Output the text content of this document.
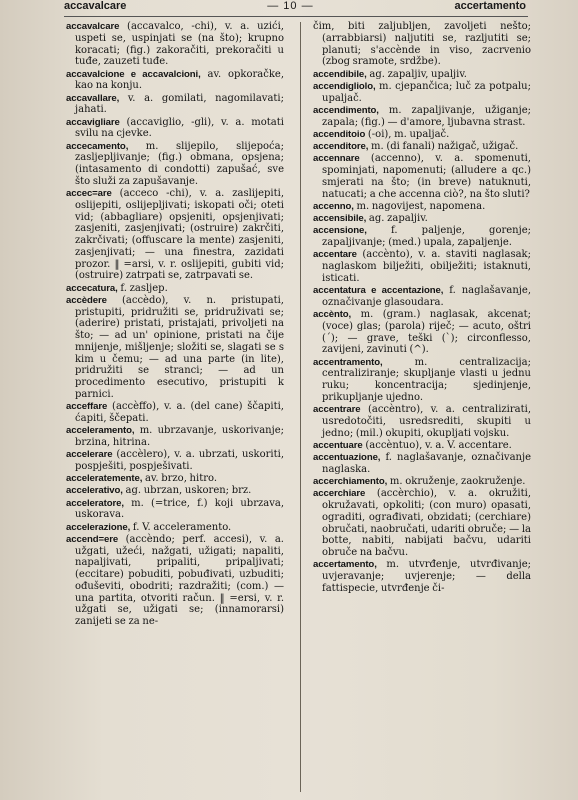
accavalcare	— 10 —	accertamento

accavalcare (accavalco, -chi), v. a. uzići, uspeti se, uspinjati se (na što); krupno koracati; (fig.) zakoračiti, prekoračiti u tuđe, zauzeti tuđe.

accavalcione e accavalcioni, av. opkoračke, kao na konju.

accavallare, v. a. gomilati, nagomilavati; jahati.

accavigliare (accaviglio, -gli), v. a. motati svilu na cjevke.

accecamento, m. slijepilo, slijepoća; zasljepljivanje; (fig.) obmana, opsjena; (intasamento di condotti) zapušać, sve što služi za zapušavanje.

accec=are (acceco -chi), v. a. zaslijepiti, oslijepiti, oslijepljivati; iskopati oči; oteti vid; (abbagliare) opsjeniti, opsjenjivati; zasjeniti, zasjenjivati; (ostruire) zakrčiti, zakrčivati; (offuscare la mente) zasjeniti, zasjenjivati; — una finestra, zazidati prozor. ‖ =arsi, v. r. oslijepiti, gubiti vid; (ostruire) zatrpati se, zatrpavati se.

accecatura, f. zasljep.

accèdere (accèdo), v. n. pristupati, pristupiti, pridružiti se, pridruživati se; (aderire) pristati, pristajati, privoljeti na što; — ad un' opinione, pristati na čije mnijenje, mišljenje; složiti se, slagati se s kim u čemu; — ad una parte (in lite), pridružiti se stranci; — ad un procedimento esecutivo, pristupiti k parnici.

acceffare (accèffo), v. a. (del cane) ščapiti, ćapiti, ščepati.

acceleramento, m. ubrzavanje, uskorivanje; brzina, hitrina.

accelerare (accèlero), v. a. ubrzati, uskoriti, pospješiti, pospješivati.

acceleratemente, av. brzo, hitro.

accelerativo, ag. ubrzan, uskoren; brz.

acceleratore, m. (=trice, f.) koji ubrzava, uskorava.

accelerazione, f. V. acceleramento.

accend=ere (accèndo; perf. accesi), v. a. užgati, užeći, nažgati, užigati; napaliti, napaljivati, pripaliti, pripaljivati; (eccitare) pobuditi, pobuđivati, uzbuditi; ođuševiti, obodriti; razdražiti; (com.) — una partita, otvoriti račun. ‖ =ersi, v. r. užgati se, užigati se; (innamorarsi) zanijeti se za ne-

čim, biti zaljubljen, zavoljeti nešto; (arrabbiarsi) naljutiti se, razljutiti se; planuti; s'accènde in viso, zacrvenio (zbog sramote, srdžbe).

accendibile, ag. zapaljiv, upaljiv.

accendigliolo, m. cjepančica; luč za potpalu; upaljač.

accendimento, m. zapaljivanje, užiganje; zapala; (fig.) — d'amore, ljubavna strast.

accenditoio (-oi), m. upaljač.

accenditore, m. (di fanali) nažigač, užigač.

accennare (accenno), v. a. spomenuti, spominjati, napomenuti; (alludere a qc.) smjerati na što; (in breve) natuknuti, natucati; a che accenna ciò?, na što sluti?

accenno, m. nagovijest, napomena.

accensibile, ag. zapaljiv.

accensione, f. paljenje, gorenje; zapaljivanje; (med.) upala, zapaljenje.

accentare (accènto), v. a. staviti naglasak; naglaskom bilježiti, obilježiti; istaknuti, isticati.

accentatura e accentazione, f. naglašavanje, označivanje glasoudara.

accènto, m. (gram.) naglasak, akcenat; (voce) glas; (parola) riječ; — acuto, oštri (´); — grave, teški (`); circonflesso, zavijeni, zavinuti (^).

accentramento, m. centralizacija; centraliziranje; skupljanje vlasti u jednu ruku; koncentracija; sjedinjenje, prikupljanje ujedno.

accentrare (accèntro), v. a. centralizirati, usredotočiti, usredsrediti, skupiti u jedno; (mil.) okupiti, okupljati vojsku.

accentuare (accèntuo), v. a. V. accentare.

accentuazione, f. naglašavanje, označivanje naglaska.

accerchiamento, m. okruženje, zaokruženje.

accerchiare (accèrchio), v. a. okružiti, okružavati, opkoliti; (con muro) opasati, ograditi, ograđivati, obzidati; (cerchiare) obručati, naobručati, udariti obruče; — la botte, nabiti, nabijati bačvu, udariti obruče na bačvu.

accertamento, m. utvrđenje, utvrđivanje; uvjeravanje; uvjerenje; — della fattispecie, utvrđenje či-
